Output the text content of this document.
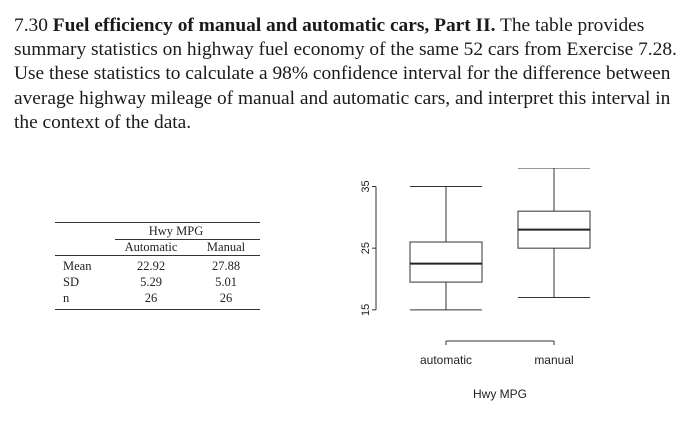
7.30 Fuel efficiency of manual and automatic cars, Part II. The table provides summary statistics on highway fuel economy of the same 52 cars from Exercise 7.28. Use these statistics to calculate a 98% confidence interval for the difference between average highway mileage of manual and automatic cars, and interpret this interval in the context of the data.
Hwy MPG
Automatic Manual
Mean	22.92	27.88
SD	5.29	5.01
n	26	26
15
25
35
automatic	manual
Hwy MPG
